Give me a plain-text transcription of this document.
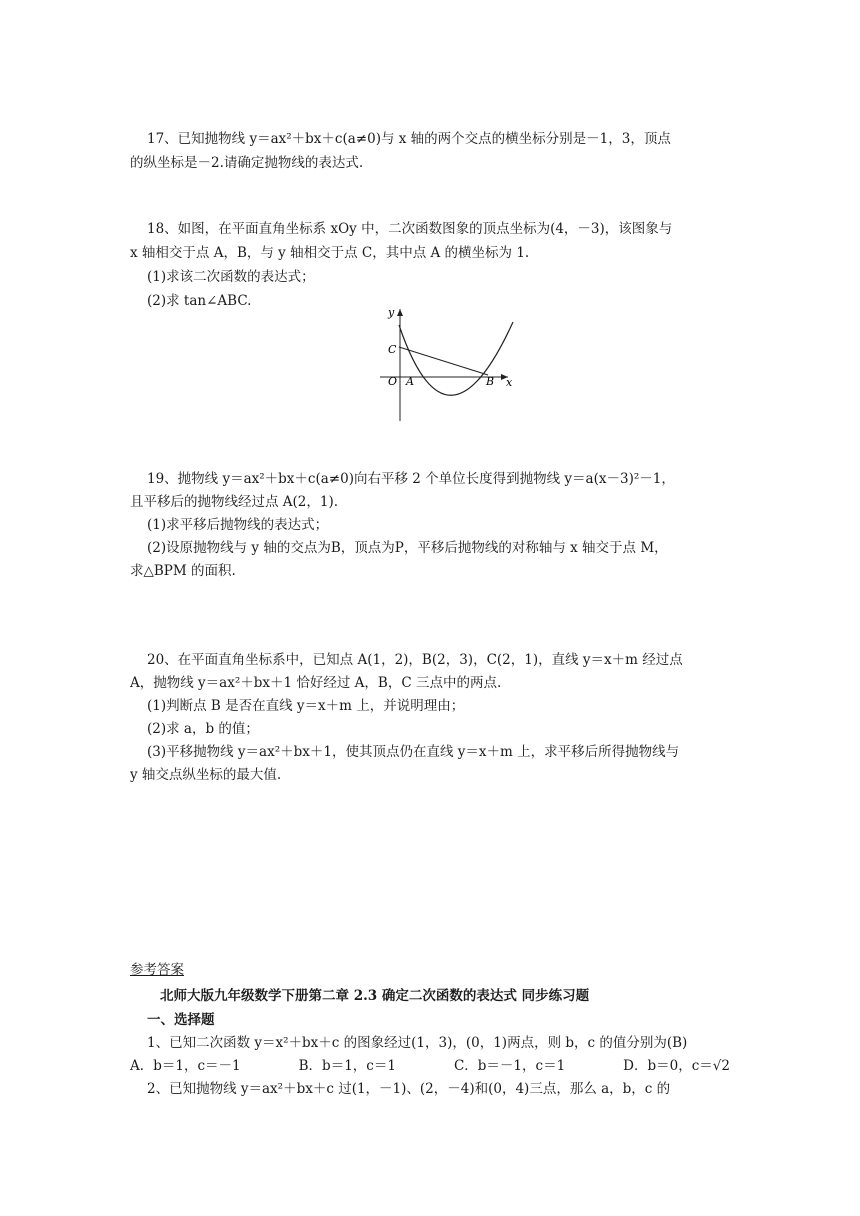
17、已知抛物线 y＝ax²＋bx＋c(a≠0)与 x 轴的两个交点的横坐标分别是－1，3，顶点
的纵坐标是－2.请确定抛物线的表达式.
18、如图，在平面直角坐标系 xOy 中，二次函数图象的顶点坐标为(4，－3)，该图象与
x 轴相交于点 A，B，与 y 轴相交于点 C，其中点 A 的横坐标为 1.
(1)求该二次函数的表达式；
(2)求 tan∠ABC.
y
x
O A	B
C
19、抛物线 y＝ax²＋bx＋c(a≠0)向右平移 2 个单位长度得到抛物线 y＝a(x－3)²－1，
且平移后的抛物线经过点 A(2，1).
(1)求平移后抛物线的表达式；
(2)设原抛物线与 y 轴的交点为B，顶点为P，平移后抛物线的对称轴与 x 轴交于点 M，
求△BPM 的面积.
20、在平面直角坐标系中，已知点 A(1，2)，B(2，3)，C(2，1)，直线 y＝x＋m 经过点
A，抛物线 y＝ax²＋bx＋1 恰好经过 A，B，C 三点中的两点.
(1)判断点 B 是否在直线 y＝x＋m 上，并说明理由；
(2)求 a，b 的值；
(3)平移抛物线 y＝ax²＋bx＋1，使其顶点仍在直线 y＝x＋m 上，求平移后所得抛物线与
y 轴交点纵坐标的最大值.
参考答案
北师大版九年级数学下册第二章 2.3 确定二次函数的表达式 同步练习题
一、选择题
1、已知二次函数 y＝x²＋bx＋c 的图象经过(1，3)，(0，1)两点，则 b，c 的值分别为(B)
A．b＝1，c＝－1	B．b＝1，c＝1	C．b＝－1，c＝1	D．b＝0，c＝√2
2、已知抛物线 y＝ax²＋bx＋c 过(1，－1)、(2，－4)和(0，4)三点，那么 a，b，c 的
